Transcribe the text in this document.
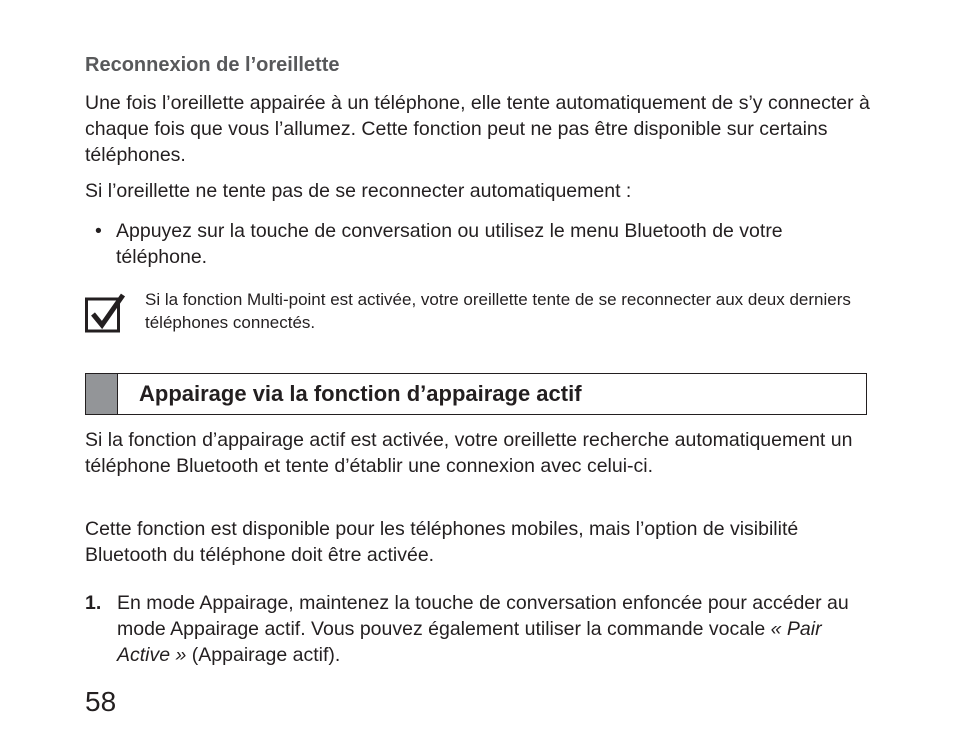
Reconnexion de l’oreillette

Une fois l’oreillette appairée à un téléphone, elle tente automatiquement de s’y connecter à chaque fois que vous l’allumez. Cette fonction peut ne pas être disponible sur certains téléphones.

Si l’oreillette ne tente pas de se reconnecter automatiquement :

• Appuyez sur la touche de conversation ou utilisez le menu Bluetooth de votre téléphone.
Si la fonction Multi-point est activée, votre oreillette tente de se reconnecter aux deux derniers téléphones connectés.
Appairage via la fonction d’appairage actif

Si la fonction d’appairage actif est activée, votre oreillette recherche automatiquement un téléphone Bluetooth et tente d’établir une connexion avec celui-ci.

Cette fonction est disponible pour les téléphones mobiles, mais l’option de visibilité Bluetooth du téléphone doit être activée.

1. En mode Appairage, maintenez la touche de conversation enfoncée pour accéder au mode Appairage actif. Vous pouvez également utiliser la commande vocale « Pair Active » (Appairage actif).
58
